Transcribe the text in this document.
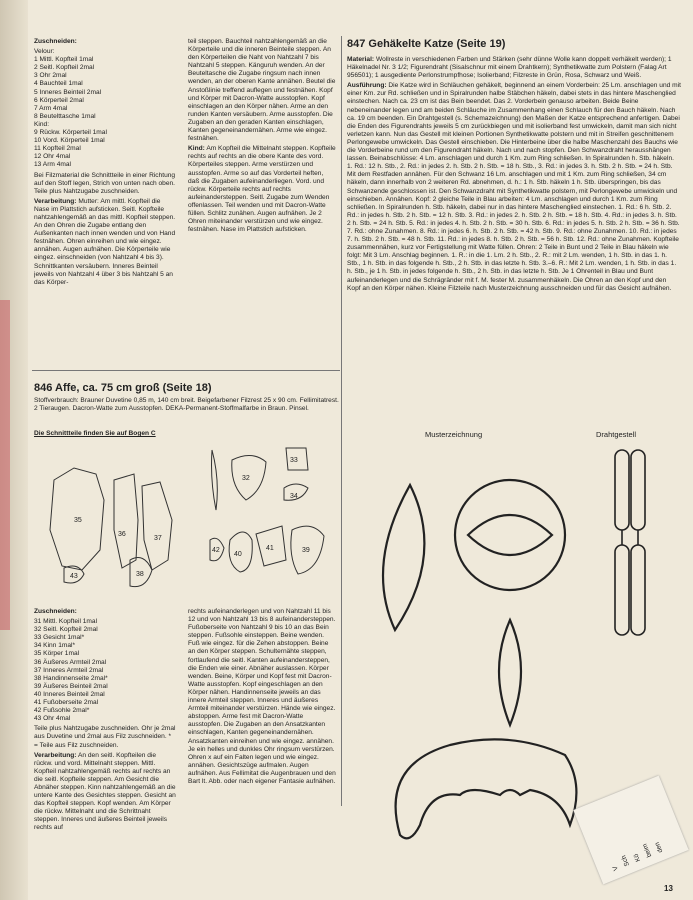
Zuschneiden:

Velour:
1 Mittl. Kopfteil 1mal
2 Seitl. Kopfteil 2mal
3 Ohr 2mal
4 Bauchteil 1mal
5 Inneres Beinteil 2mal
6 Körperteil 2mal
7 Arm 4mal
8 Beutelttasche 1mal
Kind:
9 Rückw. Körperteil 1mal
10 Vord. Körperteil 1mal
11 Kopfteil 2mal
12 Ohr 4mal
13 Arm 4mal

Bei Filzmaterial die Schnittteile in einer Richtung auf den Stoff legen, Strich von unten nach oben. Teile plus Nahtzugabe zuschneiden.

Verarbeitung: Mutter: Am mittl. Kopfteil die Nase im Plattstich aufsticken. Seitl. Kopfteile nahtzahlengemäß an das mittl. Kopfteil steppen. An den Ohren die Zugabe entlang den Außenkanten nach innen wenden und von Hand festnähen. Ohren einreihen und wie eingez. annähen. Augen aufnähen. Die Körperteile wie eingez. einschneiden (von Nahtzahl 4 bis 3). Schnittkanten versäubern. Inneres Beinteil jeweils von Nahtzahl 4 über 3 bis Nahtzahl 5 an das Körper-

teil steppen. Bauchteil nahtzahlengemäß an die Körperteile und die inneren Beinteile steppen. An den Körperteilen die Naht von Nahtzahl 7 bis Nahtzahl 5 steppen. Känguruh wenden. An der Beuteltasche die Zugabe ringsum nach innen wenden, an der oberen Kante annähen. Beutel die Anstoßlinie treffend auflegen und festnähen. Kopf und Körper mit Dacron-Watte ausstopfen. Kopf einschlagen an den Körper nähen. Arme an den runden Kanten versäubern. Arme ausstopfen. Die Zugaben an den geraden Kanten einschlagen, Kanten gegeneinandernähen. Arme wie eingez. festnähen.

Kind: Am Kopfteil die Mittelnaht steppen. Kopfteile rechts auf rechts an die obere Kante des vord. Körperteiles steppen. Arme verstürzen und ausstopfen. Arme so auf das Vorderteil heften, daß die Zugaben aufeinanderliegen. Vord. und rückw. Körperteile rechts auf rechts aufeinandersteppen. Seitl. Zugabe zum Wenden offenlassen. Teil wenden und mit Dacron-Watte füllen. Schlitz zunähen. Augen aufnähen. Je 2 Ohren miteinander verstürzen und wie eingez. festnähen. Nase im Plattstich aufsticken.

847 Gehäkelte Katze (Seite 19)

Material: Wollreste in verschiedenen Farben und Stärken (sehr dünne Wolle kann doppelt verhäkelt werden); 1 Häkelnadel Nr. 3 1/2; Figurendraht (Sisalschnur mit einem Drahtkern); Synthetikwatte zum Polstern (Falag Art 956501); 1 ausgediente Perlonstrumpfhose; Isolierband; Filzreste in Grün, Rosa, Schwarz und Weiß.

Ausführung: Die Katze wird in Schläuchen gehäkelt, beginnend an einem Vorderbein: 25 Lm. anschlagen und mit einer Km. zur Rd. schließen und in Spiralrunden halbe Stäbchen häkeln, dabei stets in das hintere Maschenglied einstechen. Nach ca. 23 cm ist das Bein beendet. Das 2. Vorderbein genauso arbeiten. Beide Beine nebeneinander legen und am beiden Schläuche im Zusammenhang einen Schlauch für den Bauch häkeln. Nach ca. 19 cm beenden. Ein Drahtgestell (s. Schemazeichnung) den Maßen der Katze entsprechend anfertigen. Dabei die Enden des Figurendrahts jeweils 5 cm zurückbiegen und mit isolierband fest umwickeln, damit man sich nicht verletzen kann. Nun das Gestell mit kleinen Portionen Synthetikwatte polstern und mit in Streifen geschnittenem Perlongewebe umwickeln. Das Gestell einschieben. Die Hinterbeine über die halbe Maschenzahl des Bauchs wie die Vorderbeine rund um den Figurendraht häkeln. Nach und nach stopfen. Den Schwanzdraht herausshängen lassen. Beinabschlüsse: 4 Lm. anschlagen und durch 1 Km. zum Ring schließen. In Spiralrunden h. Stb. häkeln. 1. Rd.: 12 h. Stb., 2. Rd.: in jedes 2. h. Stb. 2 h. Stb. = 18 h. Stb., 3. Rd.: in jedes 3. h. Stb. 2 h. Stb. = 24 h. Stb. Mit dem Restfaden annähen. Für den Schwanz 16 Lm. anschlagen und mit 1 Km. zum Ring schließen, 34 cm häkeln, dann innerhalb von 2 weiteren Rd. abnehmen, d. h.: 1 h. Stb. häkeln 1 h. Stb. überspringen, bis das Schwanzende geschlossen ist. Den Schwanzdraht mit Synthetikwatte polstern, mit Perlongewebe umwickeln und einschieben. Annähen. Kopf: 2 gleiche Teile in Blau arbeiten: 4 Lm. anschlagen und durch 1 Km. zum Ring schließen. In Spiralrunden h. Stb. häkeln, dabei nur in das hintere Maschenglied einstechen. 1. Rd.: 6 h. Stb. 2. Rd.: in jedes h. Stb. 2 h. Stb. = 12 h. Stb. 3. Rd.: in jedes 2. h. Stb. 2 h. Stb. = 18 h. Stb. 4. Rd.: in jedes 3. h. Stb. 2 h. Stb. = 24 h. Stb. 5. Rd.: in jedes 4. h. Stb. 2 h. Stb. = 30 h. Stb. 6. Rd.: in jedes 5. h. Stb. 2 h. Stb. = 36 h. Stb. 7. Rd.: ohne Zunahmen. 8. Rd.: in jedes 6. h. Stb. 2 h. Stb. = 42 h. Stb. 9. Rd.: ohne Zunahmen. 10. Rd.: in jedes 7. h. Stb. 2 h. Stb. = 48 h. Stb. 11. Rd.: in jedes 8. h. Stb. 2 h. Stb. = 56 h. Stb. 12. Rd.: ohne Zunahmen. Kopfteile zusammennähen, kurz vor Fertigstellung mit Watte füllen. Ohren: 2 Teile in Bunt und 2 Teile in Blau häkeln wie folgt: Mit 3 Lm. Anschlag beginnen. 1. R.: in die 1. Lm. 2 h. Stb., 2. R.: mit 2 Lm. wenden, 1 h. Stb. in das 1. h. Stb., 1 h. Stb. in das folgende h. Stb., 2 h. Stb. in das letzte h. Stb. 3.–6. R.: Mit 2 Lm. wenden, 1 h. Stb. in das 1. h. Stb., je 1 h. Stb. in jedes folgende h. Stb., 2 h. Stb. in das letzte h. Stb. Je 1 Ohrenteil in Blau und Bunt aufeinanderlegen und die Schrägränder mit f. M. fester M. zusammenhäkeln. Die Ohren an den Kopf und den Kopf an den Körper nähen. Kleine Filzteile nach Musterzeichnung ausschneiden und für das Gesicht aufnähen.

846 Affe, ca. 75 cm groß (Seite 18)
Stoffverbrauch: Brauner Duvetine 0,85 m, 140 cm breit. Beigefarbener Filzrest 25 x 90 cm. Fellimitatrest. 2 Tieraugen. Dacron-Watte zum Ausstopfen. DEKA-Permanent-Stoffmalfarbe in Braun. Pinsel.
Die Schnittteile finden Sie auf Bogen C
35
36
37
38
43
32
33
34
40
41
42	39

Zuschneiden:

31 Mittl. Kopfteil 1mal
32 Seitl. Kopfteil 2mal
33 Gesicht 1mal*
34 Kinn 1mal*
35 Körper 1mal
36 Äußeres Armteil 2mal
37 Inneres Armteil 2mal
38 Handinnenseite 2mal*
39 Äußeres Beinteil 2mal
40 Inneres Beinteil 2mal
41 Fußoberseite 2mal
42 Fußsohle 2mal*
43 Ohr 4mal

Teile plus Nahtzugabe zuschneiden. Ohr je 2mal aus Duvetine und 2mal aus Filz zuschneiden. * = Teile aus Filz zuschneiden.

Verarbeitung: An den seitl. Kopfteilen die rückw. und vord. Mittelnaht steppen. Mittl. Kopfteil nahtzahlengemäß rechts auf rechts an die seitl. Kopfteile steppen. Am Gesicht die Abnäher steppen. Kinn nahtzahlengemäß an die untere Kante des Gesichtes steppen. Gesicht an das Kopfteil steppen. Kopf wenden. Am Körper die rückw. Mittelnaht und die Schrittnaht steppen. Inneres und äußeres Beinteil jeweils rechts auf

rechts aufeinanderlegen und von Nahtzahl 11 bis 12 und von Nahtzahl 13 bis 8 aufeinandersteppen. Fußoberseite von Nahtzahl 9 bis 10 an das Bein steppen. Fußsohle einsteppen. Beine wenden. Fuß wie eingez. für die Zehen abstoppen. Beine an den Körper steppen. Schulternähte steppen, fortlaufend die seitl. Kanten aufeinandersteppen, die Enden wie einer. Abnäher auslassen. Körper wenden. Beine, Körper und Kopf fest mit Dacron-Watte ausstopfen. Kopf eingeschlagen an den Körper nähen. Handinnenseite jeweils an das innere Armteil steppen. Inneres und äußeres Armteil miteinander verstürzen. Hände wie eingez. abstoppen. Arme fest mit Dacron-Watte ausstopfen. Die Zugaben an den Ansatzkanten einschlagen, Kanten gegeneinandernähen. Ansatzkanten einreihen und wie eingez. annähen. Je ein helles und dunkles Ohr ringsum verstürzen. Ohren x auf ein Falten legen und wie eingez. annähen. Gesichtszüge aufmalen. Augen aufnähen. Aus Fellimitat die Augenbrauen und den Bart lt. Abb. oder nach eigener Fantasie aufnähen.

Musterzeichnung	Drahtgestell
V
Sch Kö beim den
13
